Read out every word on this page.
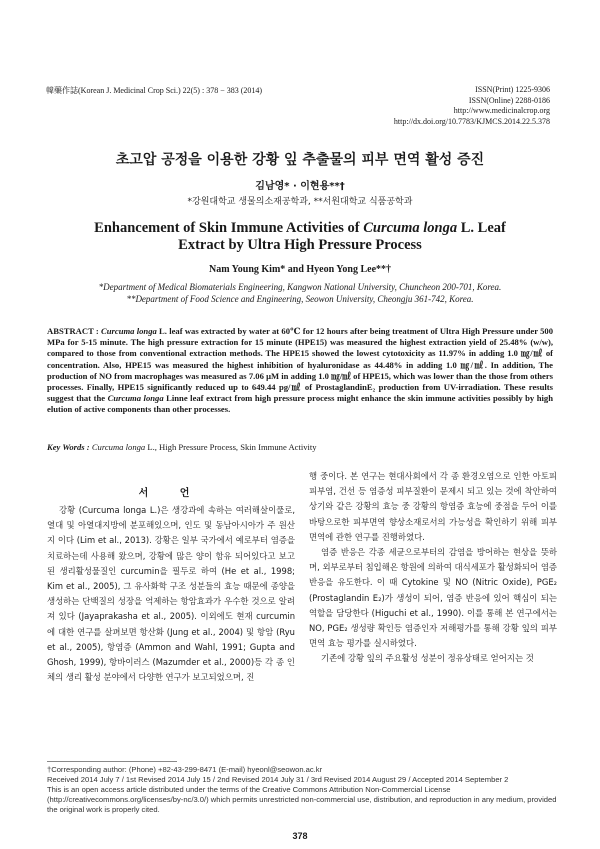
韓藥作誌(Korean J. Medicinal Crop Sci.) 22(5) : 378 − 383 (2014)	ISSN(Print) 1225-9306
ISSN(Online) 2288-0186
http://www.medicinalcrop.org
http://dx.doi.org/10.7783/KJMCS.2014.22.5.378
초고압 공정을 이용한 강황 잎 추출물의 피부 면역 활성 증진
김남영* · 이현용**†
*강원대학교 생물의소재공학과, **서원대학교 식품공학과
Enhancement of Skin Immune Activities of Curcuma longa L. Leaf
Extract by Ultra High Pressure Process
Nam Young Kim* and Hyeon Yong Lee**†
*Department of Medical Biomaterials Engineering, Kangwon National University, Chuncheon 200-701, Korea.
**Department of Food Science and Engineering, Seowon University, Cheongju 361-742, Korea.
ABSTRACT : Curcuma longa L. leaf was extracted by water at 60℃ for 12 hours after being treatment of Ultra High Pressure under 500 MPa for 5-15 minute. The high pressure extraction for 15 minute (HPE15) was measured the highest extraction yield of 25.48% (w/w), compared to those from conventional extraction methods. The HPE15 showed the lowest cytotoxicity as 11.97% in adding 1.0 ㎎/㎖ of concentration. Also, HPE15 was measured the highest inhibition of hyaluronidase as 44.48% in adding 1.0 ㎎/㎖. In addition, The production of NO from macrophages was measured as 7.06 μM in adding 1.0 ㎎/㎖ of HPE15, which was lower than the those from others processes. Finally, HPE15 significantly reduced up to 649.44 pg/㎖ of ProstaglandinE₂ production from UV-irradiation. These results suggest that the Curcuma longa Linne leaf extract from high pressure process might enhance the skin immune activities possibly by high elution of active components than other processes.
Key Words : Curcuma longa L., High Pressure Process, Skin Immune Activity
서 언

강황 (Curcuma longa L.)은 생강과에 속하는 여러해살이풀로, 열대 및 아열대지방에 분포해있으며, 인도 및 동남아시아가 주 원산지 이다 (Lim et al., 2013). 강황은 일부 국가에서 예로부터 염증을 치료하는데 사용해 왔으며, 강황에 많은 양이 함유 되어있다고 보고 된 생리활성물질인 curcumin을 필두로 하여 (He et al., 1998; Kim et al., 2005), 그 유사화학 구조 성분들의 효능 때문에 종양을 생성하는 단백질의 성장을 억제하는 항암효과가 우수한 것으로 알려져 있다 (Jayaprakasha et al., 2005). 이외에도 현재 curcumin에 대한 연구를 살펴보면 항산화 (Jung et al., 2004) 및 항암 (Ryu et al., 2005), 항염증 (Ammon and Wahl, 1991; Gupta and Ghosh, 1999), 항바이러스 (Mazumder et al., 2000)등 각 종 인체의 생리 활성 분야에서 다양한 연구가 보고되었으며, 진

행 중이다. 본 연구는 현대사회에서 각 종 환경오염으로 인한 아토피 피부염, 건선 등 염증성 피부질환이 문제시 되고 있는 것에 착안하여 상기와 같은 강황의 효능 중 강황의 항염증 효능에 중점을 두어 이를 바탕으로한 피부면역 향상소재로서의 가능성을 확인하기 위해 피부면역에 관한 연구를 진행하였다.

염증 반응은 각종 세균으로부터의 감염을 방어하는 현상을 뜻하며, 외부로부터 침입해온 항원에 의하여 대식세포가 활성화되어 염증 반응을 유도한다. 이 때 Cytokine 및 NO (Nitric Oxide), PGE₂ (Prostaglandin E₂)가 생성이 되어, 염증 반응에 있어 핵심이 되는 역할을 담당한다 (Higuchi et al., 1990). 이를 통해 본 연구에서는 NO, PGE₂ 생성량 확인등 염증인자 저해평가를 통해 강황 잎의 피부 면역 효능 평가를 실시하였다.

기존에 강황 잎의 주요활성 성분이 정유상태로 얻어지는 것

†Corresponding author: (Phone) +82-43-299-8471 (E-mail) hyeonl@seowon.ac.kr
Received 2014 July 7 / 1st Revised 2014 July 15 / 2nd Revised 2014 July 31 / 3rd Revised 2014 August 29 / Accepted 2014 September 2
This is an open access article distributed under the terms of the Creative Commons Attribution Non-Commercial License (http://creativecommons.org/licenses/by-nc/3.0/) which permits unrestricted non-commercial use, distribution, and reproduction in any medium, provided the original work is properly cited.
378
